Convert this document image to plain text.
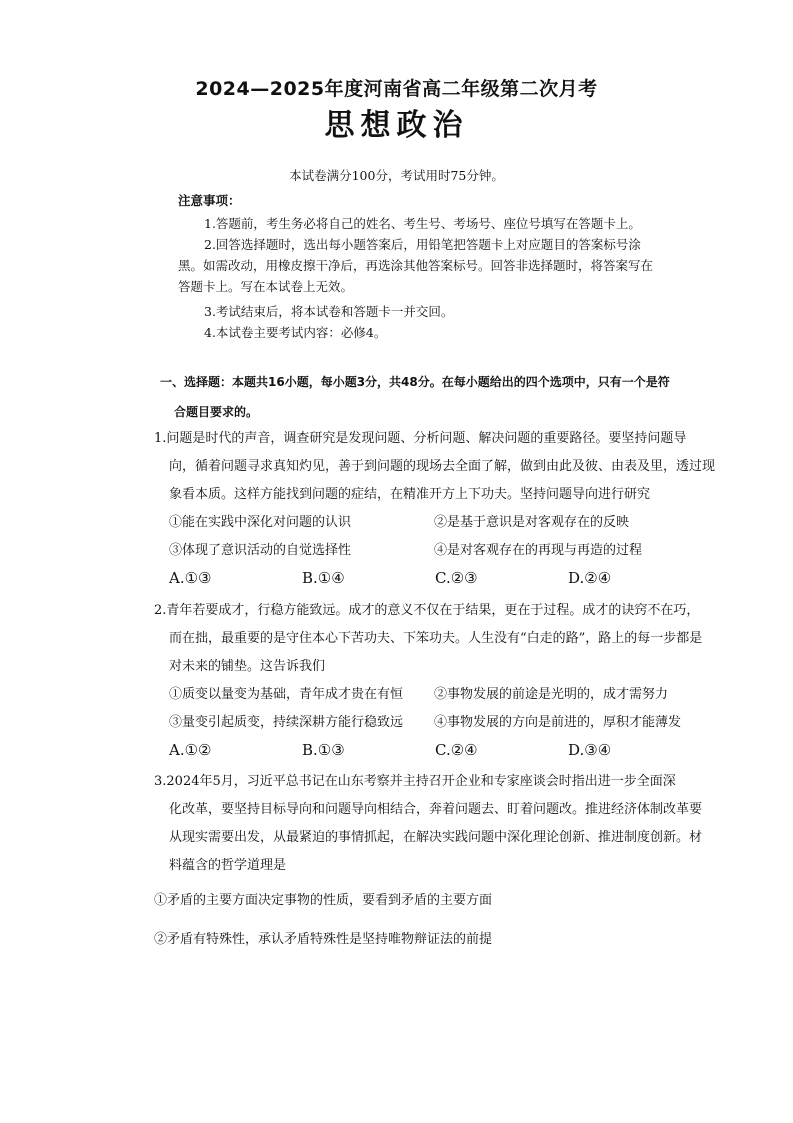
2024—2025年度河南省高二年级第二次月考
思想政治
本试卷满分100分，考试用时75分钟。
注意事项：

1.答题前，考生务必将自己的姓名、考生号、考场号、座位号填写在答题卡上。

2.回答选择题时，选出每小题答案后，用铅笔把答题卡上对应题目的答案标号涂

黑。如需改动，用橡皮擦干净后，再选涂其他答案标号。回答非选择题时，将答案写在

答题卡上。写在本试卷上无效。

3.考试结束后，将本试卷和答题卡一并交回。

4.本试卷主要考试内容：必修4。

一、选择题：本题共16小题，每小题3分，共48分。在每小题给出的四个选项中，只有一个是符
合题目要求的。
1.问题是时代的声音，调查研究是发现问题、分析问题、解决问题的重要路径。要坚持问题导
向，循着问题寻求真知灼见，善于到问题的现场去全面了解，做到由此及彼、由表及里，透过现
象看本质。这样方能找到问题的症结，在精准开方上下功夫。坚持问题导向进行研究
①能在实践中深化对问题的认识	②是基于意识是对客观存在的反映
③体现了意识活动的自觉选择性	④是对客观存在的再现与再造的过程
A.①③	B.①④	C.②③	D.②④
2.青年若要成才，行稳方能致远。成才的意义不仅在于结果，更在于过程。成才的诀窍不在巧，
而在拙，最重要的是守住本心下苦功夫、下笨功夫。人生没有“白走的路”，路上的每一步都是
对未来的铺垫。这告诉我们
①质变以量变为基础，青年成才贵在有恒	②事物发展的前途是光明的，成才需努力
③量变引起质变，持续深耕方能行稳致远	④事物发展的方向是前进的，厚积才能薄发
A.①②	B.①③	C.②④	D.③④
3.2024年5月，习近平总书记在山东考察并主持召开企业和专家座谈会时指出进一步全面深
化改革，要坚持目标导向和问题导向相结合，奔着问题去、盯着问题改。推进经济体制改革要
从现实需要出发，从最紧迫的事情抓起，在解决实践问题中深化理论创新、推进制度创新。材
料蕴含的哲学道理是
①矛盾的主要方面决定事物的性质，要看到矛盾的主要方面
②矛盾有特殊性，承认矛盾特殊性是坚持唯物辩证法的前提
